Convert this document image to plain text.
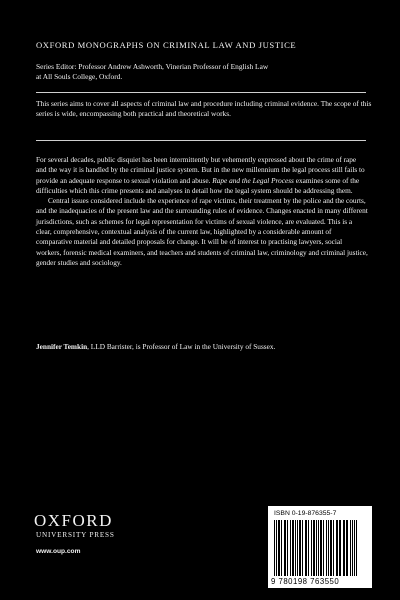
OXFORD MONOGRAPHS ON CRIMINAL LAW AND JUSTICE
Series Editor: Professor Andrew Ashworth, Vinerian Professor of English Law
at All Souls College, Oxford.
This series aims to cover all aspects of criminal law and procedure including criminal evidence. The scope of this series is wide, encompassing both practical and theoretical works.

For several decades, public disquiet has been intermittently but vehemently expressed about the crime of rape and the way it is handled by the criminal justice system. But in the new millennium the legal process still fails to provide an adequate response to sexual violation and abuse. Rape and the Legal Process examines some of the difficulties which this crime presents and analyses in detail how the legal system should be addressing them.

Central issues considered include the experience of rape victims, their treatment by the police and the courts, and the inadequacies of the present law and the surrounding rules of evidence. Changes enacted in many different jurisdictions, such as schemes for legal representation for victims of sexual violence, are evaluated. This is a clear, comprehensive, contextual analysis of the current law, highlighted by a considerable amount of comparative material and detailed proposals for change. It will be of interest to practising lawyers, social workers, forensic medical examiners, and teachers and students of criminal law, criminology and criminal justice, gender studies and sociology.

Jennifer Temkin, LLD Barrister, is Professor of Law in the University of Sussex.
OXFORD
UNIVERSITY PRESS
www.oup.com
ISBN 0-19-876355-7
9 780198 763550
